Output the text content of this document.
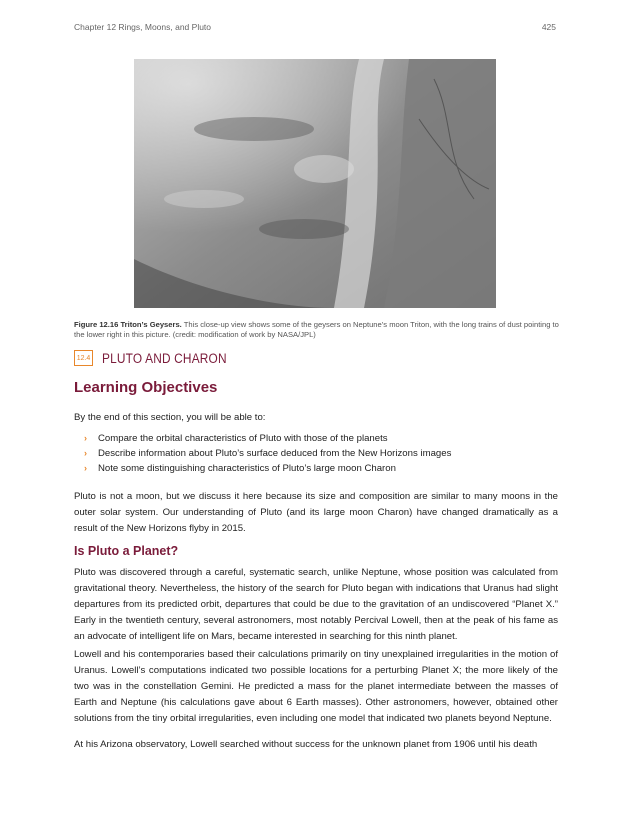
Chapter 12 Rings, Moons, and Pluto	425
Figure 12.16 Triton’s Geysers. This close-up view shows some of the geysers on Neptune’s moon Triton, with the long trains of dust pointing to the lower right in this picture. (credit: modification of work by NASA/JPL)
12.4 PLUTO AND CHARON
Learning Objectives
By the end of this section, you will be able to:
›	Compare the orbital characteristics of Pluto with those of the planets
›	Describe information about Pluto’s surface deduced from the New Horizons images
›	Note some distinguishing characteristics of Pluto’s large moon Charon
Pluto is not a moon, but we discuss it here because its size and composition are similar to many moons in the outer solar system. Our understanding of Pluto (and its large moon Charon) have changed dramatically as a result of the New Horizons flyby in 2015.
Is Pluto a Planet?
Pluto was discovered through a careful, systematic search, unlike Neptune, whose position was calculated from gravitational theory. Nevertheless, the history of the search for Pluto began with indications that Uranus had slight departures from its predicted orbit, departures that could be due to the gravitation of an undiscovered “Planet X.” Early in the twentieth century, several astronomers, most notably Percival Lowell, then at the peak of his fame as an advocate of intelligent life on Mars, became interested in searching for this ninth planet.
Lowell and his contemporaries based their calculations primarily on tiny unexplained irregularities in the motion of Uranus. Lowell’s computations indicated two possible locations for a perturbing Planet X; the more likely of the two was in the constellation Gemini. He predicted a mass for the planet intermediate between the masses of Earth and Neptune (his calculations gave about 6 Earth masses). Other astronomers, however, obtained other solutions from the tiny orbital irregularities, even including one model that indicated two planets beyond Neptune.
At his Arizona observatory, Lowell searched without success for the unknown planet from 1906 until his death
